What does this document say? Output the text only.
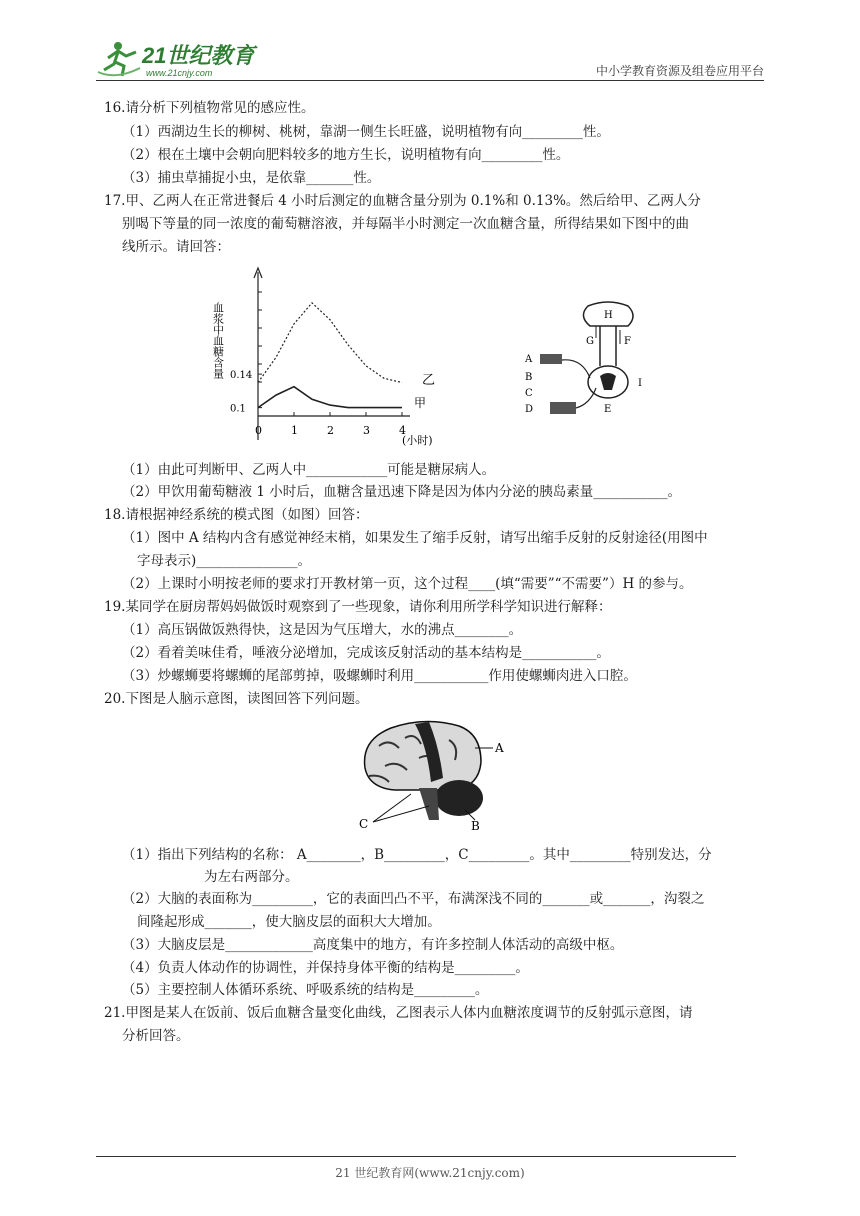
21世纪教育
www.21cnjy.com	中小学教育资源及组卷应用平台
16.请分析下列植物常见的感应性。
（1）西湖边生长的柳树、桃树，靠湖一侧生长旺盛，说明植物有向_________性。
（2）根在土壤中会朝向肥料较多的地方生长，说明植物有向_________性。
（3）捕虫草捕捉小虫，是依靠_______性。
17.甲、乙两人在正常进餐后 4 小时后测定的血糖含量分别为 0.1%和 0.13%。然后给甲、乙两人分
别喝下等量的同一浓度的葡萄糖溶液，并每隔半小时测定一次血糖含量，所得结果如下图中的曲
线所示。请回答：
血浆中血糖含量
0	1	2	3	4
0.14
0.1
(小时)
乙
甲
A
B
C
D
G	F
H
I
E
（1）由此可判断甲、乙两人中____________可能是糖尿病人。
（2）甲饮用葡萄糖液 1 小时后，血糖含量迅速下降是因为体内分泌的胰岛素量___________。
18.请根据神经系统的模式图（如图）回答：
（1）图中 A 结构内含有感觉神经末梢，如果发生了缩手反射，请写出缩手反射的反射途径(用图中
字母表示)_______________。
（2）上课时小明按老师的要求打开教材第一页，这个过程____(填“需要”“不需要”）H 的参与。
19.某同学在厨房帮妈妈做饭时观察到了一些现象，请你利用所学科学知识进行解释：
（1）高压锅做饭熟得快，这是因为气压增大，水的沸点________。
（2）看着美味佳肴，唾液分泌增加，完成该反射活动的基本结构是___________。
（3）炒螺蛳要将螺蛳的尾部剪掉，吸螺蛳时利用___________作用使螺蛳肉进入口腔。
20.下图是人脑示意图，读图回答下列问题。
A
B
C
（1）指出下列结构的名称： A________，B_________，C_________。其中_________特别发达，分
为左右两部分。
（2）大脑的表面称为_________，它的表面凹凸不平，布满深浅不同的_______或_______，沟裂之
间隆起形成_______，使大脑皮层的面积大大增加。
（3）大脑皮层是_____________高度集中的地方，有许多控制人体活动的高级中枢。
（4）负责人体动作的协调性，并保持身体平衡的结构是_________。
（5）主要控制人体循环系统、呼吸系统的结构是_________。
21.甲图是某人在饭前、饭后血糖含量变化曲线，乙图表示人体内血糖浓度调节的反射弧示意图，请
分析回答。
21 世纪教育网(www.21cnjy.com)
